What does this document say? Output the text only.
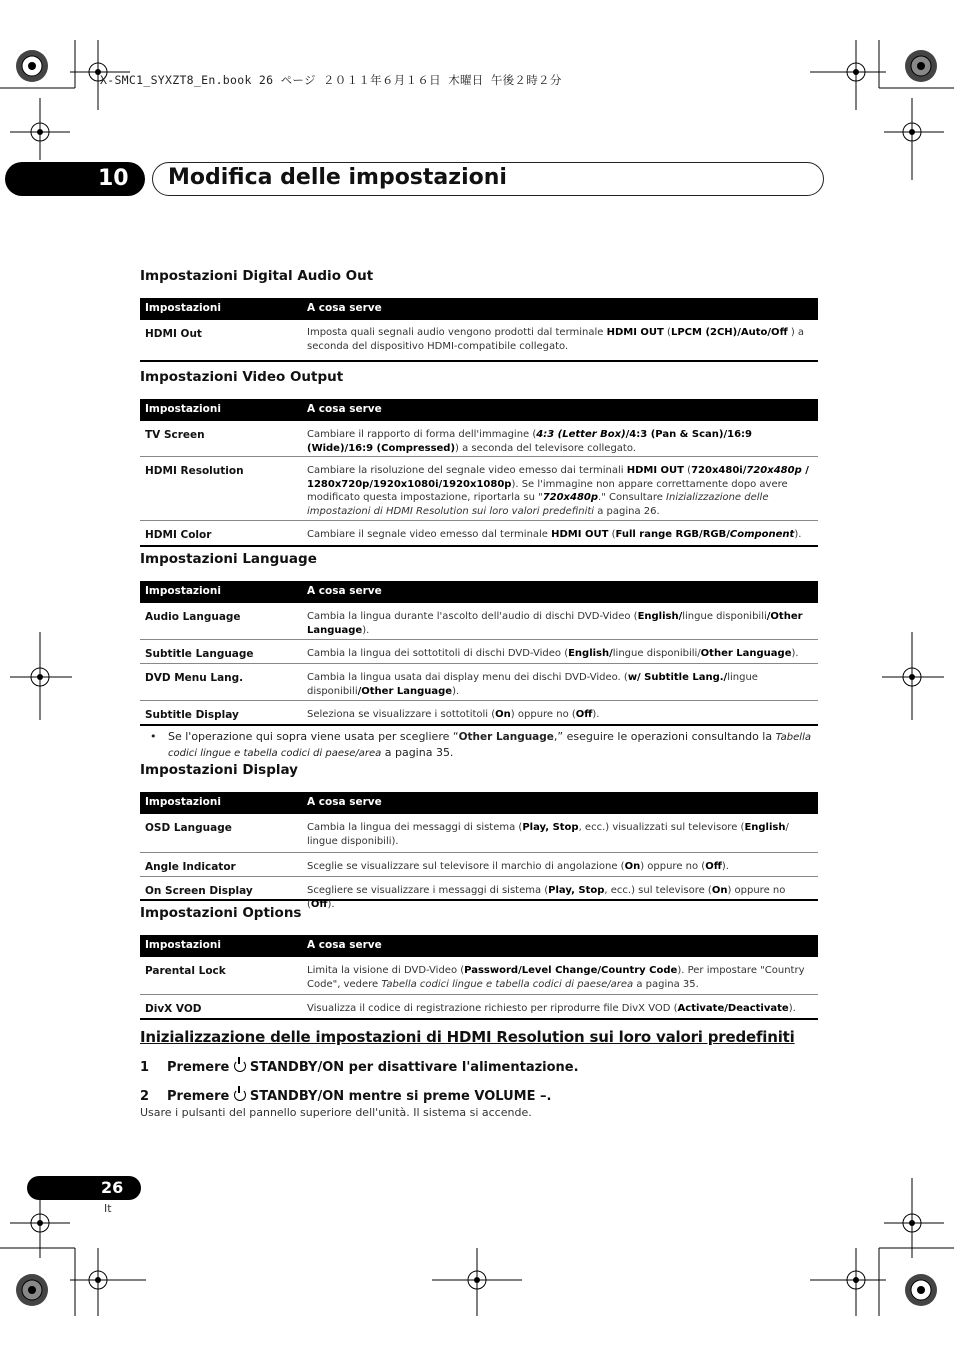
X-SMC1_SYXZT8_En.book 26 ページ ２０１１年６月１６日 木曜日 午後２時２分
10 Modifica delle impostazioni
Impostazioni Digital Audio Out
Impostazioni	A cosa serve
HDMI Out	Imposta quali segnali audio vengono prodotti dal terminale HDMI OUT (LPCM (2CH)/Auto/Off ) a seconda del dispositivo HDMI-compatibile collegato.
Impostazioni Video Output
Impostazioni	A cosa serve
TV Screen	Cambiare il rapporto di forma dell'immagine (4:3 (Letter Box)/4:3 (Pan & Scan)/16:9 (Wide)/16:9 (Compressed)) a seconda del televisore collegato.
HDMI Resolution	Cambiare la risoluzione del segnale video emesso dai terminali HDMI OUT (720x480i/720x480p / 1280x720p/1920x1080i/1920x1080p). Se l'immagine non appare correttamente dopo avere modificato questa impostazione, riportarla su "720x480p." Consultare Inizializzazione delle impostazioni di HDMI Resolution sui loro valori predefiniti a pagina 26.
HDMI Color	Cambiare il segnale video emesso dal terminale HDMI OUT (Full range RGB/RGB/Component).
Impostazioni Language
Impostazioni	A cosa serve
Audio Language	Cambia la lingua durante l'ascolto dell'audio di dischi DVD-Video (English/lingue disponibili/Other Language).
Subtitle Language	Cambia la lingua dei sottotitoli di dischi DVD-Video (English/lingue disponibili/Other Language).
DVD Menu Lang.	Cambia la lingua usata dai display menu dei dischi DVD-Video. (w/ Subtitle Lang./lingue disponibili/Other Language).
Subtitle Display	Seleziona se visualizzare i sottotitoli (On) oppure no (Off).
• Se l'operazione qui sopra viene usata per scegliere “Other Language,” eseguire le operazioni consultando la Tabella codici lingue e tabella codici di paese/area a pagina 35.
Impostazioni Display
Impostazioni	A cosa serve
OSD Language	Cambia la lingua dei messaggi di sistema (Play, Stop, ecc.) visualizzati sul televisore (English/ lingue disponibili).
Angle Indicator	Sceglie se visualizzare sul televisore il marchio di angolazione (On) oppure no (Off).
On Screen Display	Scegliere se visualizzare i messaggi di sistema (Play, Stop, ecc.) sul televisore (On) oppure no (Off).
Impostazioni Options
Impostazioni	A cosa serve
Parental Lock	Limita la visione di DVD-Video (Password/Level Change/Country Code). Per impostare "Country Code", vedere Tabella codici lingue e tabella codici di paese/area a pagina 35.
DivX VOD	Visualizza il codice di registrazione richiesto per riprodurre file DivX VOD (Activate/Deactivate).
Inizializzazione delle impostazioni di HDMI Resolution sui loro valori predefiniti
1 Premere STANDBY/ON per disattivare l'alimentazione.
2 Premere STANDBY/ON mentre si preme VOLUME –.
Usare i pulsanti del pannello superiore dell'unità. Il sistema si accende.
26
It
